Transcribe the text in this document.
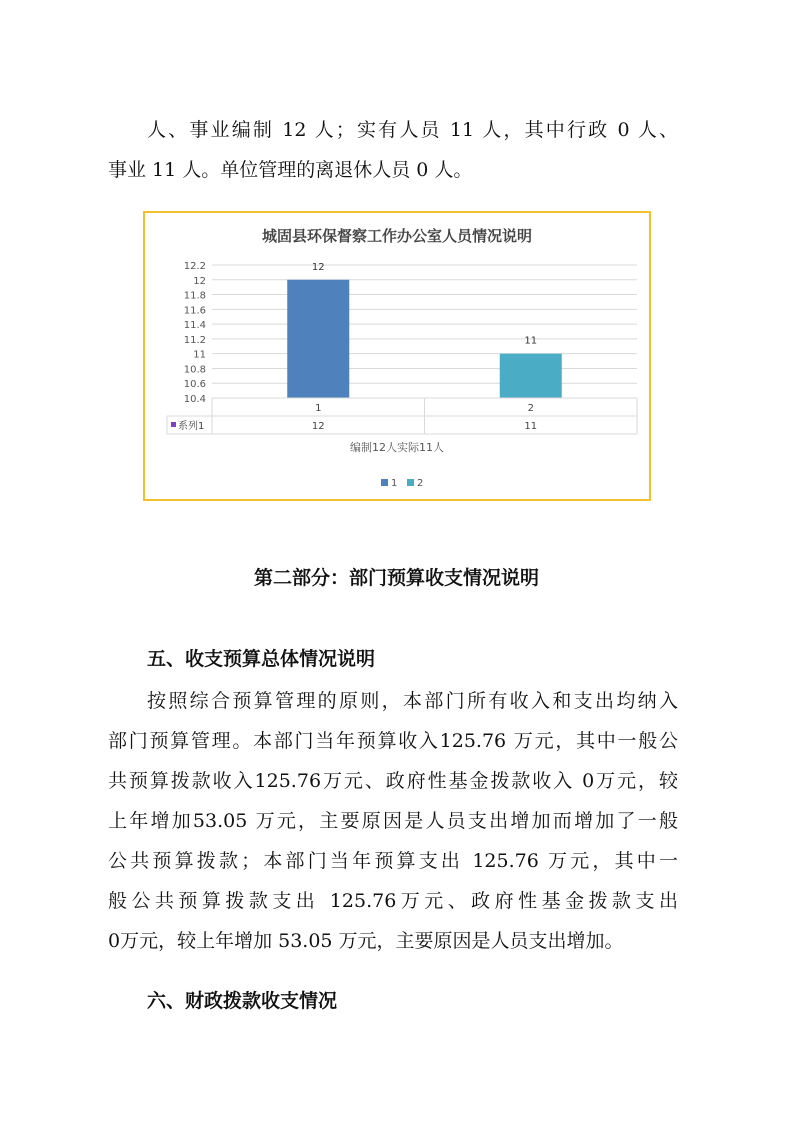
人、事业编制 12 人；实有人员 11 人，其中行政 0 人、
事业 11 人。单位管理的离退休人员 0 人。
城固县环保督察工作办公室人员情况说明
12.2
12
11.8
11.6
11.4
11.2
11
10.8
10.6
10.4
12
11
1
12
2
11
系列1
编制12人实际11人
1 2
第二部分：部门预算收支情况说明
五、收支预算总体情况说明
按照综合预算管理的原则，本部门所有收入和支出均纳入
部门预算管理。本部门当年预算收入125.76 万元，其中一般公
共预算拨款收入125.76万元、政府性基金拨款收入 0万元，较
上年增加53.05 万元，主要原因是人员支出增加而增加了一般
公共预算拨款；本部门当年预算支出 125.76 万元，其中一
般公共预算拨款支出 125.76万元、政府性基金拨款支出
0万元，较上年增加 53.05 万元，主要原因是人员支出增加。
六、财政拨款收支情况
